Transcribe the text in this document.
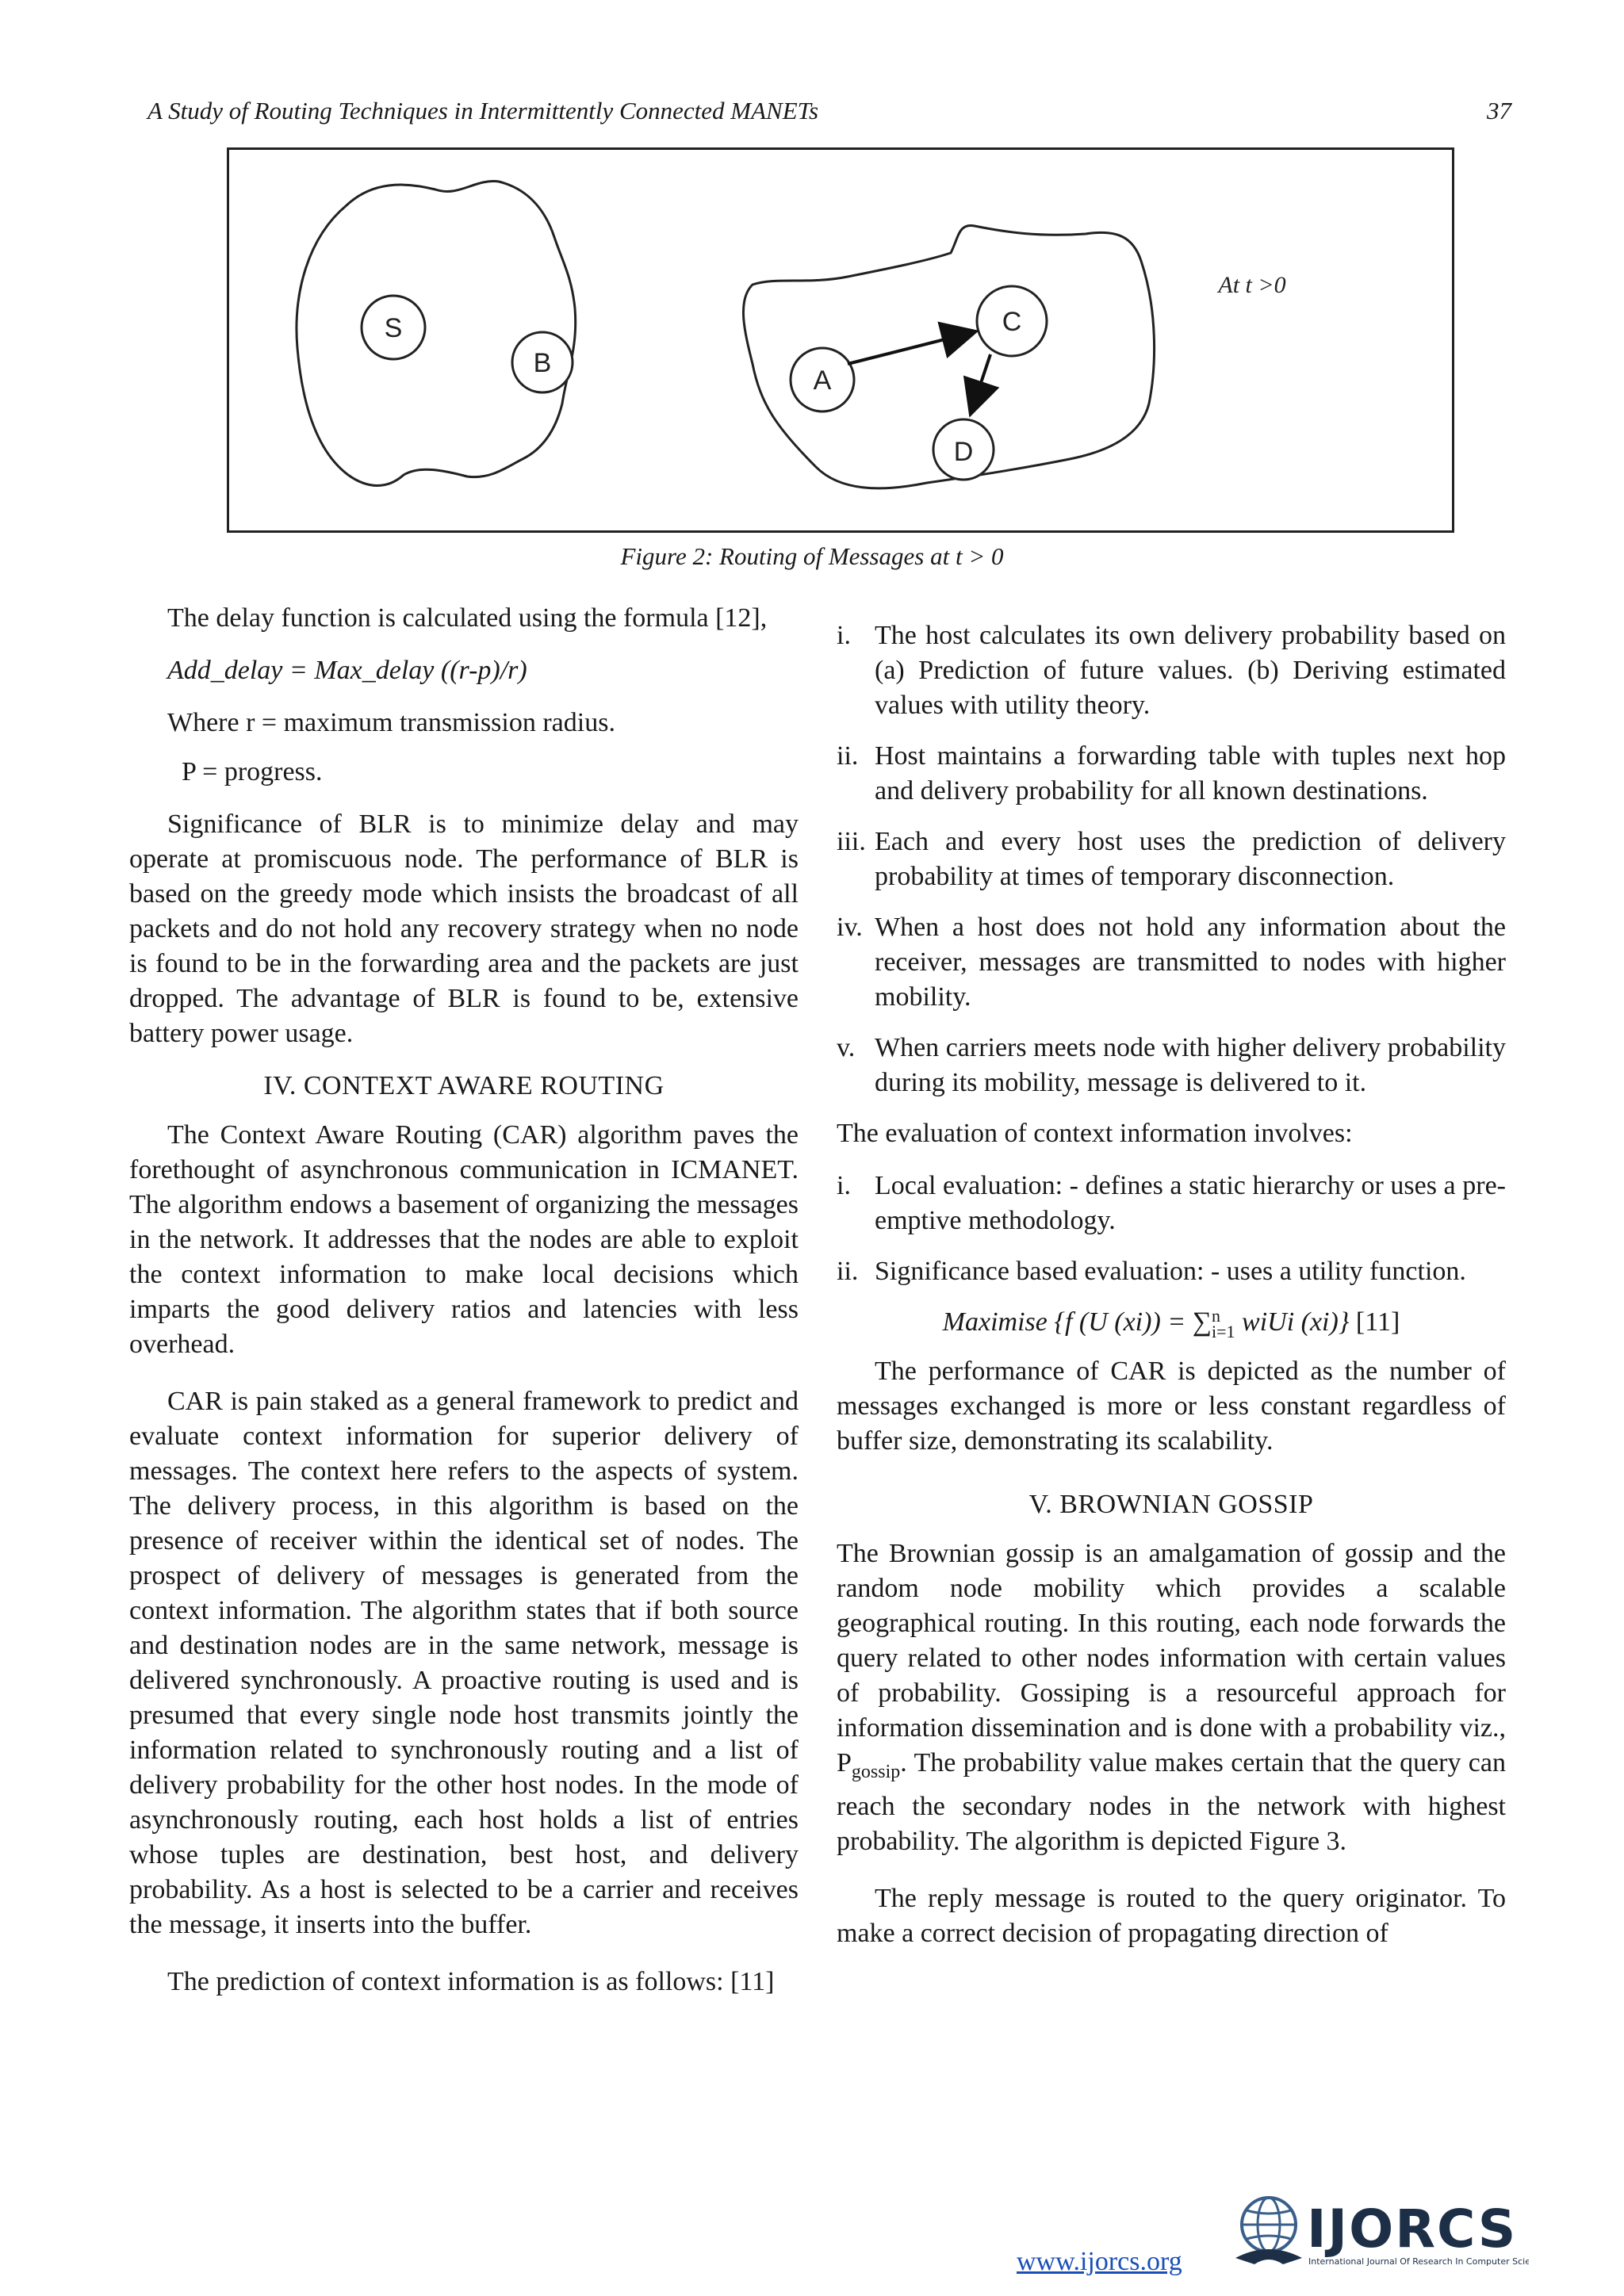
A Study of Routing Techniques in Intermittently Connected MANETs	37
S
B
A
C
D
At t >0
Figure 2: Routing of Messages at t > 0

The delay function is calculated using the formula [12],

Add_delay = Max_delay ((r-p)/r)
Where r = maximum transmission radius.
P = progress.

Significance of BLR is to minimize delay and may operate at promiscuous node. The performance of BLR is based on the greedy mode which insists the broadcast of all packets and do not hold any recovery strategy when no node is found to be in the forwarding area and the packets are just dropped. The advantage of BLR is found to be, extensive battery power usage.

IV. CONTEXT AWARE ROUTING

The Context Aware Routing (CAR) algorithm paves the forethought of asynchronous communication in ICMANET. The algorithm endows a basement of organizing the messages in the network. It addresses that the nodes are able to exploit the context information to make local decisions which imparts the good delivery ratios and latencies with less overhead.

CAR is pain staked as a general framework to predict and evaluate context information for superior delivery of messages. The context here refers to the aspects of system. The delivery process, in this algorithm is based on the presence of receiver within the identical set of nodes. The prospect of delivery of messages is generated from the context information. The algorithm states that if both source and destination nodes are in the same network, message is delivered synchronously. A proactive routing is used and is presumed that every single node host transmits jointly the information related to synchronously routing and a list of delivery probability for the other host nodes. In the mode of asynchronously routing, each host holds a list of entries whose tuples are destination, best host, and delivery probability. As a host is selected to be a carrier and receives the message, it inserts into the buffer.

The prediction of context information is as follows: [11]

i. The host calculates its own delivery probability based on (a) Prediction of future values. (b) Deriving estimated values with utility theory.
ii. Host maintains a forwarding table with tuples next hop and delivery probability for all known destinations.
iii. Each and every host uses the prediction of delivery probability at times of temporary disconnection.
iv. When a host does not hold any information about the receiver, messages are transmitted to nodes with higher mobility.
v. When carriers meets node with higher delivery probability during its mobility, message is delivered to it.

The evaluation of context information involves:

i. Local evaluation: - defines a static hierarchy or uses a pre-emptive methodology.
ii. Significance based evaluation: - uses a utility function.
Maximise {f (U (xi)) = ∑ n
i=1 wiUi (xi)} [11]

The performance of CAR is depicted as the number of messages exchanged is more or less constant regardless of buffer size, demonstrating its scalability.

V. BROWNIAN GOSSIP

The Brownian gossip is an amalgamation of gossip and the random node mobility which provides a scalable geographical routing. In this routing, each node forwards the query related to other nodes information with certain values of probability. Gossiping is a resourceful approach for information dissemination and is done with a probability viz., $P_{gossip}$. The probability value makes certain that the query can reach the secondary nodes in the network with highest probability. The algorithm is depicted Figure 3.

The reply message is routed to the query originator. To make a correct decision of propagating direction of

www.ijorcs.org
IJORCS
International Journal Of Research In Computer Science
